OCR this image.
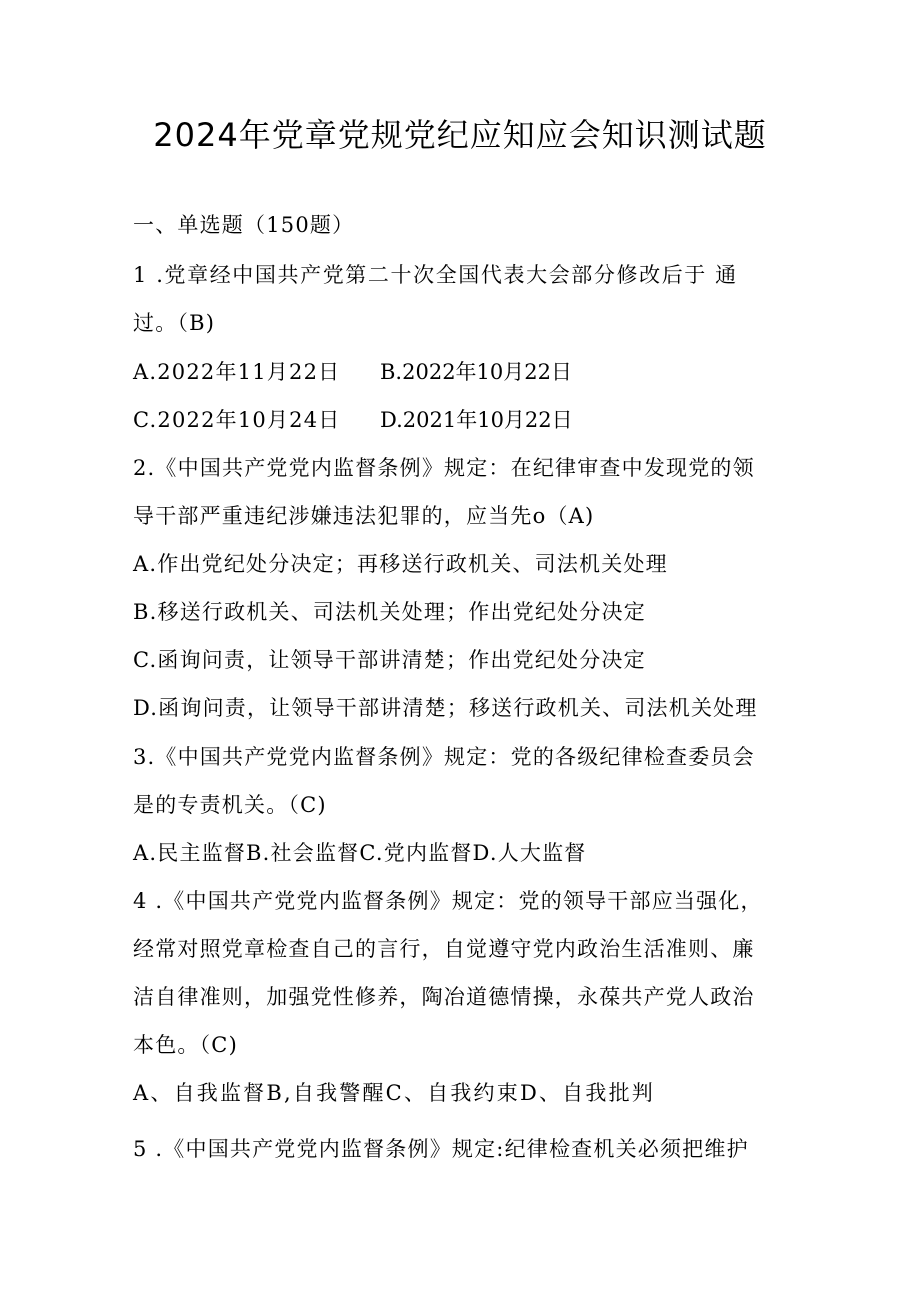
2024年党章党规党纪应知应会知识测试题
一、单选题（150题）
1 .党章经中国共产党第二十次全国代表大会部分修改后于 通
过。（B)
A.2022年11月22日 B.2022年10月22日
C.2022年10月24日 D.2021年10月22日
2.《中国共产党党内监督条例》规定：在纪律审查中发现党的领
导干部严重违纪涉嫌违法犯罪的，应当先o（A)
A.作出党纪处分决定；再移送行政机关、司法机关处理
B.移送行政机关、司法机关处理；作出党纪处分决定
C.函询问责，让领导干部讲清楚；作出党纪处分决定
D.函询问责，让领导干部讲清楚；移送行政机关、司法机关处理
3.《中国共产党党内监督条例》规定：党的各级纪律检查委员会
是的专责机关。（C)
A.民主监督B.社会监督C.党内监督D.人大监督
4 .《中国共产党党内监督条例》规定：党的领导干部应当强化，
经常对照党章检查自己的言行，自觉遵守党内政治生活准则、廉
洁自律准则，加强党性修养，陶冶道德情操，永葆共产党人政治
本色。（C)
A、自我监督B,自我警醒C、自我约束D、自我批判
5 .《中国共产党党内监督条例》规定:纪律检查机关必须把维护
